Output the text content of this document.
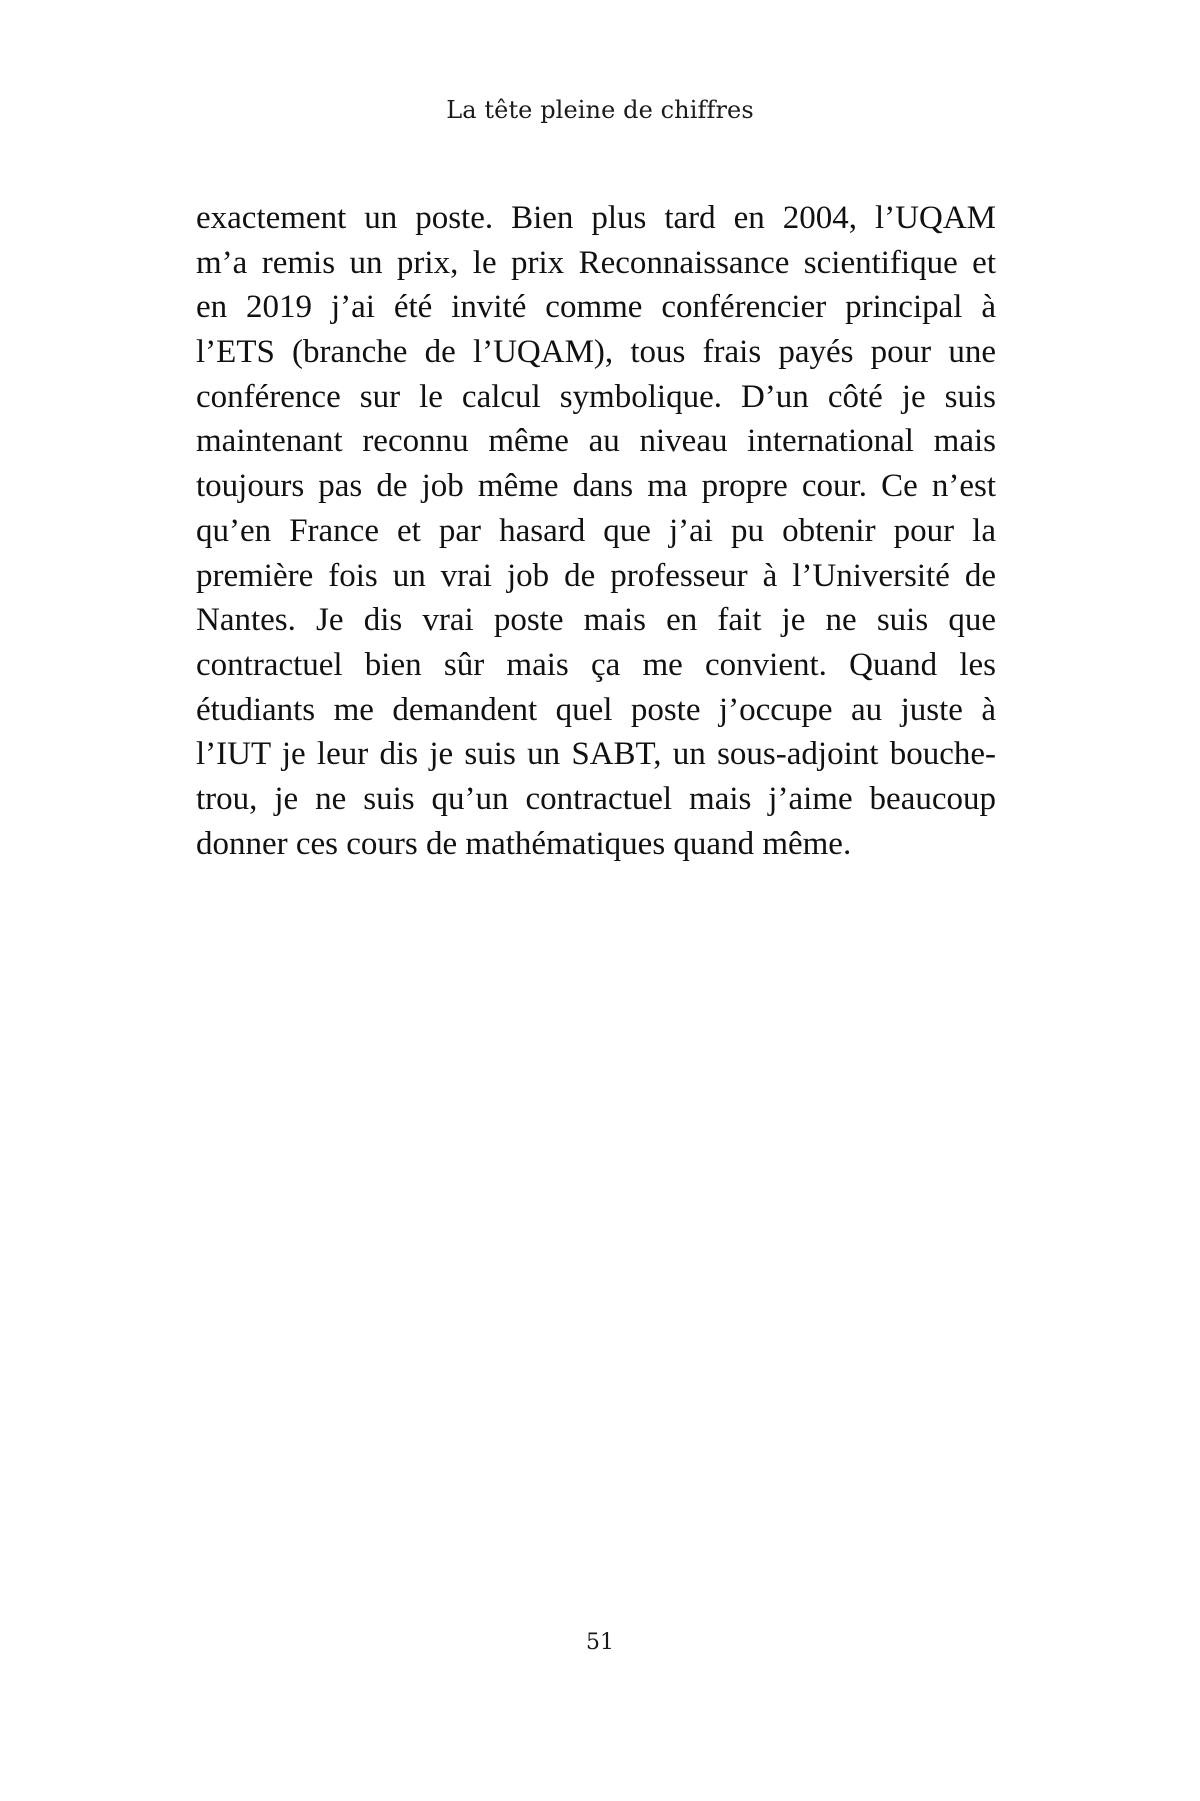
La tête pleine de chiffres
exactement un poste. Bien plus tard en 2004, l’UQAM
m’a remis un prix, le prix Reconnaissance scientifique et
en 2019 j’ai été invité comme conférencier principal à
l’ETS (branche de l’UQAM), tous frais payés pour une
conférence sur le calcul symbolique. D’un côté je suis
maintenant reconnu même au niveau international mais
toujours pas de job même dans ma propre cour. Ce n’est
qu’en France et par hasard que j’ai pu obtenir pour la
première fois un vrai job de professeur à l’Université de
Nantes. Je dis vrai poste mais en fait je ne suis que
contractuel bien sûr mais ça me convient. Quand les
étudiants me demandent quel poste j’occupe au juste à
l’IUT je leur dis je suis un SABT, un sous-adjoint bouche-
trou, je ne suis qu’un contractuel mais j’aime beaucoup
donner ces cours de mathématiques quand même.
51
